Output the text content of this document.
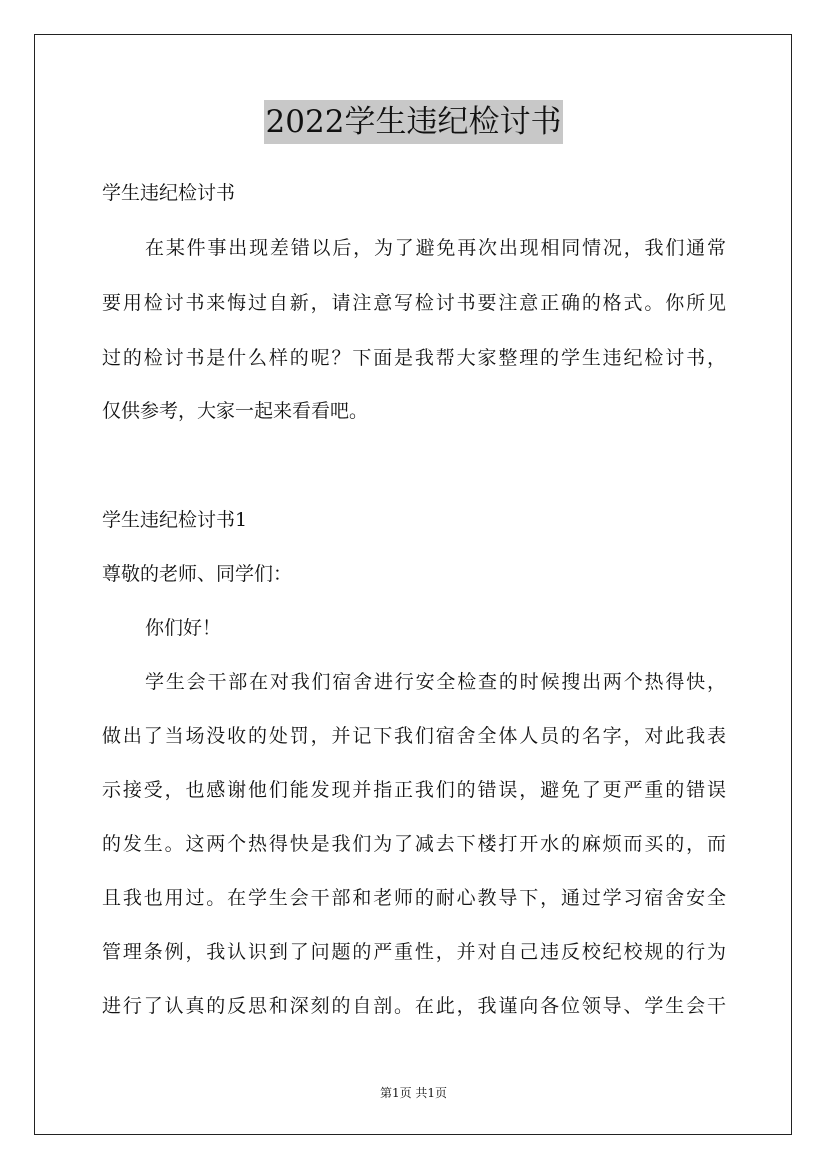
2022学生违纪检讨书
学生违纪检讨书
在某件事出现差错以后，为了避免再次出现相同情况，我们通常
要用检讨书来悔过自新，请注意写检讨书要注意正确的格式。你所见
过的检讨书是什么样的呢？下面是我帮大家整理的学生违纪检讨书，
仅供参考，大家一起来看看吧。
学生违纪检讨书1
尊敬的老师、同学们：
你们好！
学生会干部在对我们宿舍进行安全检查的时候搜出两个热得快，
做出了当场没收的处罚，并记下我们宿舍全体人员的名字，对此我表
示接受，也感谢他们能发现并指正我们的错误，避免了更严重的错误
的发生。这两个热得快是我们为了减去下楼打开水的麻烦而买的，而
且我也用过。在学生会干部和老师的耐心教导下，通过学习宿舍安全
管理条例，我认识到了问题的严重性，并对自己违反校纪校规的行为
进行了认真的反思和深刻的自剖。在此，我谨向各位领导、学生会干
第1页 共1页
